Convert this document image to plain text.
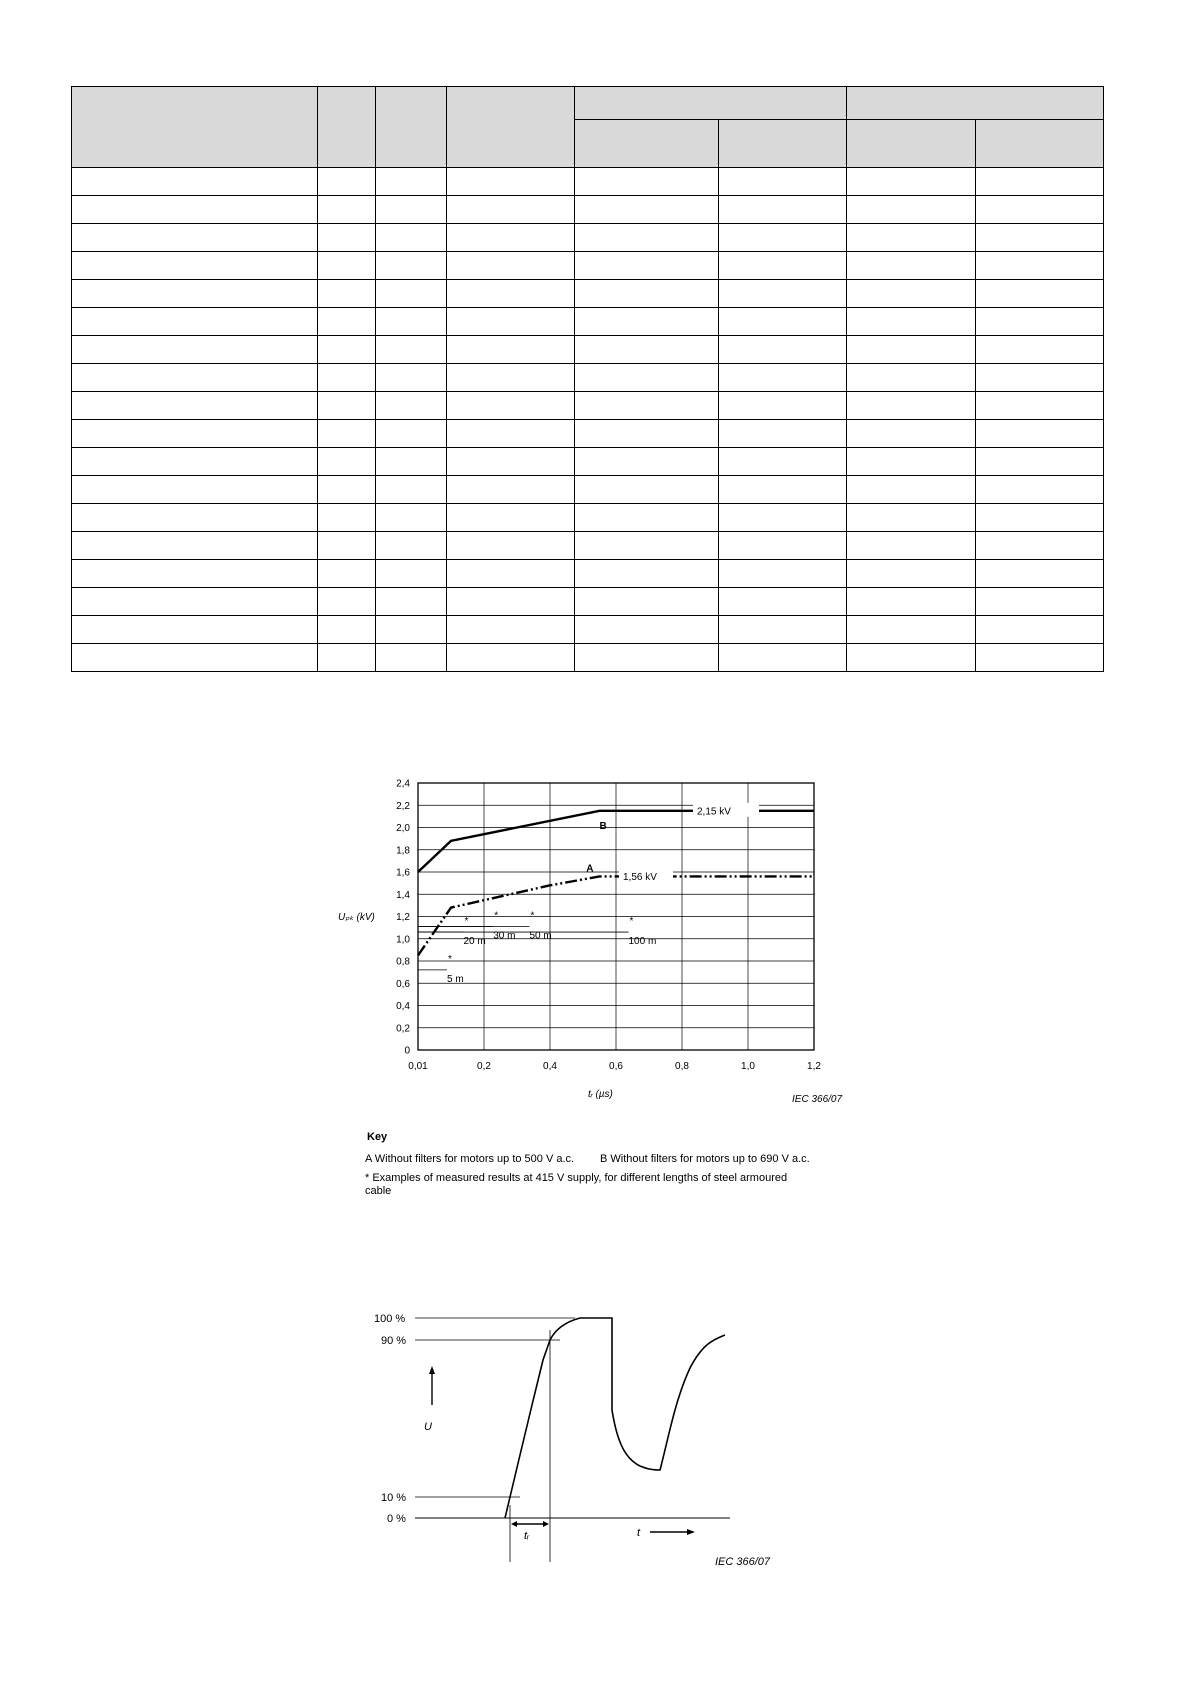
0
0,2
0,4
0,6
0,8
1,0
1,2
1,4
1,6
1,8
2,0
2,2
2,4
0,01	0,2	0,4	0,6	0,8	1,0	1,2
*
5 m
*
20 m
*
30 m
*
50 m
*
100 m
2,15 kV
1,56 kV
B
A
Uₚₖ (kV)
tᵣ (µs)	IEC 366/07
Key
A Without filters for motors up to 500 V a.c.	B Without filters for motors up to 690 V a.c.
* Examples of measured results at 415 V supply, for different lengths of steel armoured cable
100 %
90 %
10 %
0 %
U
t
tᵣ
IEC 366/07
